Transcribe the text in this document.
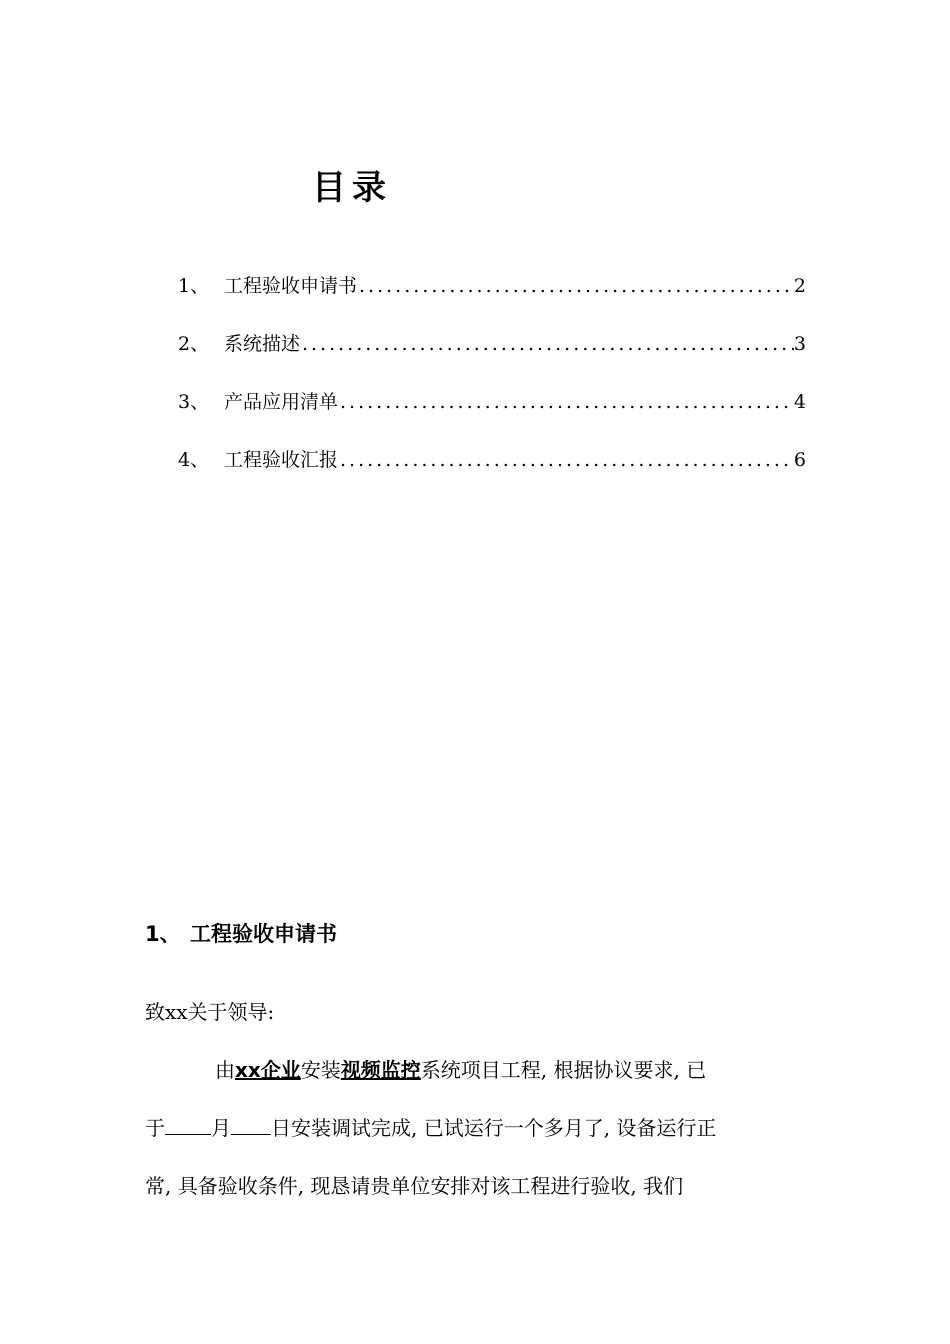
目录
1、 工程验收申请书 .....	2
2、 系统描述 .....	3
3、 产品应用清单 .....	4
4、 工程验收汇报 .....	6
1、 工程验收申请书

致xx关于领导:

由xx企业安装视频监控系统项目工程, 根据协议要求, 已
于 月 日安装调试完成, 已试运行一个多月了, 设备运行正
常, 具备验收条件, 现恳请贵单位安排对该工程进行验收, 我们
